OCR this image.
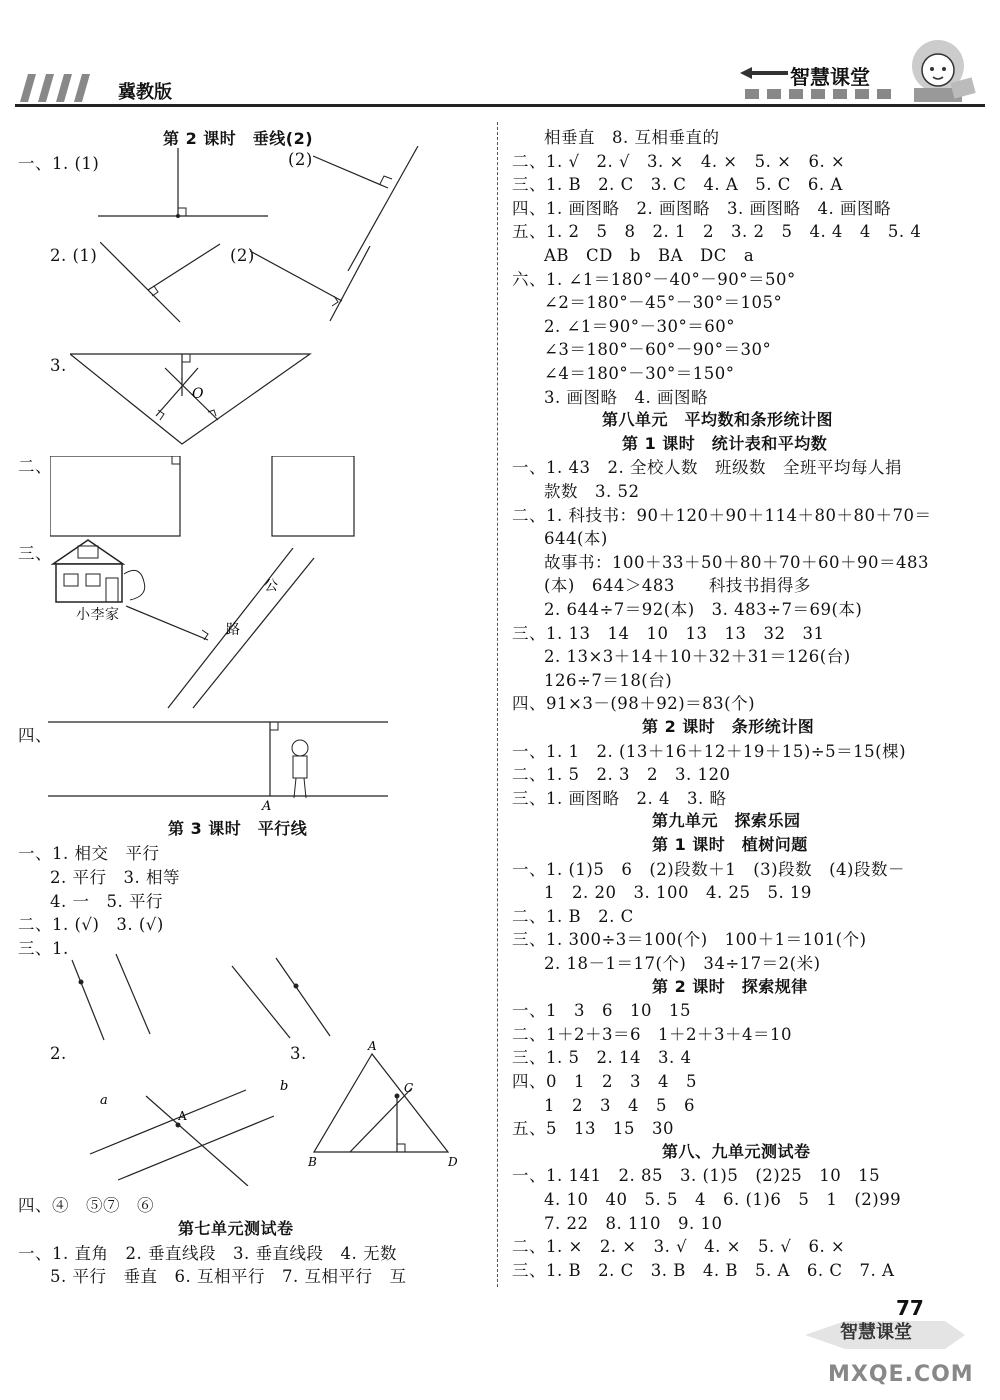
冀教版
智慧课堂
第 2 课时　垂线(2)
一、1. (1)	(2)
2. (1)	(2)
3.
O
二、
三、
小李家
公
路
四、
A
第 3 课时　平行线
一、1. 相交　平行
2. 平行　3. 相等
4. 一　5. 平行
二、1. (√)　3. (√)
三、1.
2.
a
b
A
3.	A
B
C
D
四、④　⑤⑦　⑥
第七单元测试卷
一、1. 直角　2. 垂直线段　3. 垂直线段　4. 无数
5. 平行　垂直　6. 互相平行　7. 互相平行　互
相垂直　8. 互相垂直的
二、1. √　2. √　3. ×　4. ×　5. ×　6. ×
三、1. B　2. C　3. C　4. A　5. C　6. A
四、1. 画图略　2. 画图略　3. 画图略　4. 画图略
五、1. 2　5　8　2. 1　2　3. 2　5　4. 4　4　5. 4
AB　CD　b　BA　DC　a
六、1. ∠1＝180°－40°－90°＝50°
∠2＝180°－45°－30°＝105°
2. ∠1＝90°－30°＝60°
∠3＝180°－60°－90°＝30°
∠4＝180°－30°＝150°
3. 画图略　4. 画图略
第八单元　平均数和条形统计图
第 1 课时　统计表和平均数
一、1. 43　2. 全校人数　班级数　全班平均每人捐
款数　3. 52
二、1. 科技书：90＋120＋90＋114＋80＋80＋70＝
644(本)
故事书：100＋33＋50＋80＋70＋60＋90＝483
(本)　644＞483　　科技书捐得多
2. 644÷7＝92(本)　3. 483÷7＝69(本)
三、1. 13　14　10　13　13　32　31
2. 13×3＋14＋10＋32＋31＝126(台)
126÷7＝18(台)
四、91×3－(98＋92)＝83(个)
第 2 课时　条形统计图
一、1. 1　2. (13＋16＋12＋19＋15)÷5＝15(棵)
二、1. 5　2. 3　2　3. 120
三、1. 画图略　2. 4　3. 略
第九单元　探索乐园
第 1 课时　植树问题
一、1. (1)5　6　(2)段数＋1　(3)段数　(4)段数－
1　2. 20　3. 100　4. 25　5. 19
二、1. B　2. C
三、1. 300÷3＝100(个)　100＋1＝101(个)
2. 18－1＝17(个)　34÷17＝2(米)
第 2 课时　探索规律
一、1　3　6　10　15
二、1＋2＋3＝6　1＋2＋3＋4＝10
三、1. 5　2. 14　3. 4
四、0　1　2　3　4　5
1　2　3　4　5　6
五、5　13　15　30
第八、九单元测试卷
一、1. 141　2. 85　3. (1)5　(2)25　10　15
4. 10　40　5. 5　4　6. (1)6　5　1　(2)99
7. 22　8. 110　9. 10
二、1. ×　2. ×　3. √　4. ×　5. √　6. ×
三、1. B　2. C　3. B　4. B　5. A　6. C　7. A
77
智慧课堂
MXQE.COM
